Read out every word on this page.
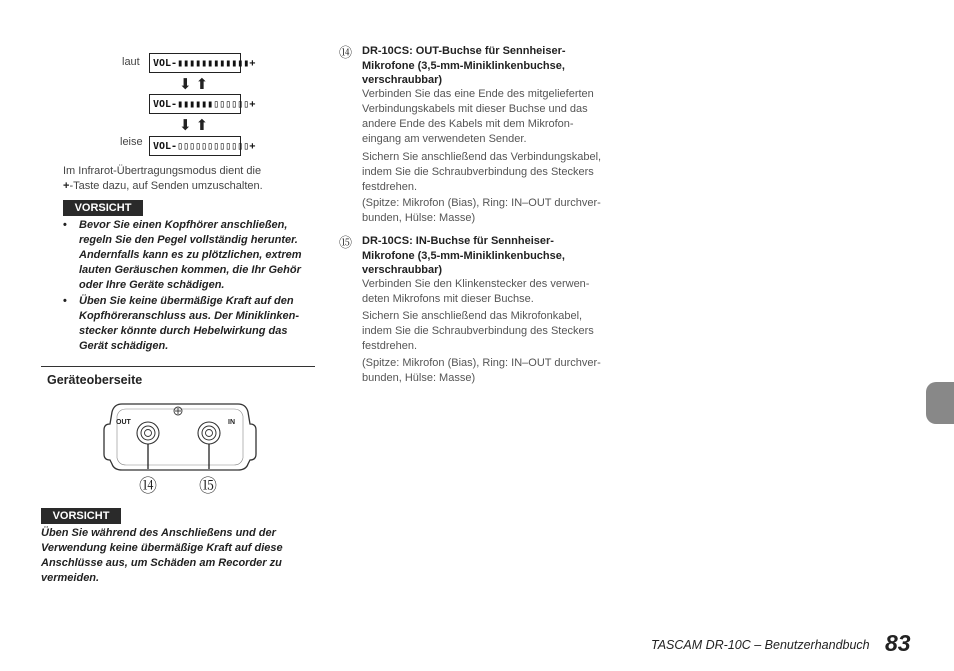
laut	VOL-▮▮▮▮▮▮▮▮▮▮▮▮+
⬇⬆
VOL-▮▮▮▮▮▮▯▯▯▯▯▯+
⬇⬆
leise	VOL-▯▯▯▯▯▯▯▯▯▯▯▯+
Im Infrarot-Übertragungsmodus dient die
+-Taste dazu, auf Senden umzuschalten.
VORSICHT
• Bevor Sie einen Kopfhörer anschließen,
regeln Sie den Pegel vollständig herunter.
Andernfalls kann es zu plötzlichen, extrem
lauten Geräuschen kommen, die Ihr Gehör
oder Ihre Geräte schädigen.
• Üben Sie keine übermäßige Kraft auf den
Kopfhöreranschluss aus. Der Miniklinken-
stecker könnte durch Hebelwirkung das
Gerät schädigen.
Geräteoberseite
OUT	IN
⑭ ⑮
VORSICHT
Üben Sie während des Anschließens und der
Verwendung keine übermäßige Kraft auf diese
Anschlüsse aus, um Schäden am Recorder zu
vermeiden.
⑭ DR-10CS: OUT-Buchse für Sennheiser-
Mikrofone (3,5-mm-Miniklinkenbuchse,
verschraubbar)
Verbinden Sie das eine Ende des mitgelieferten
Verbindungskabels mit dieser Buchse und das
andere Ende des Kabels mit dem Mikrofon-
eingang am verwendeten Sender.
Sichern Sie anschließend das Verbindungskabel,
indem Sie die Schraubverbindung des Steckers
festdrehen.
(Spitze: Mikrofon (Bias), Ring: IN–OUT durchver-
bunden, Hülse: Masse)
⑮ DR-10CS: IN-Buchse für Sennheiser-
Mikrofone (3,5-mm-Miniklinkenbuchse,
verschraubbar)
Verbinden Sie den Klinkenstecker des verwen-
deten Mikrofons mit dieser Buchse.
Sichern Sie anschließend das Mikrofonkabel,
indem Sie die Schraubverbindung des Steckers
festdrehen.
(Spitze: Mikrofon (Bias), Ring: IN–OUT durchver-
bunden, Hülse: Masse)
TASCAM DR-10C – Benutzerhandbuch 83
